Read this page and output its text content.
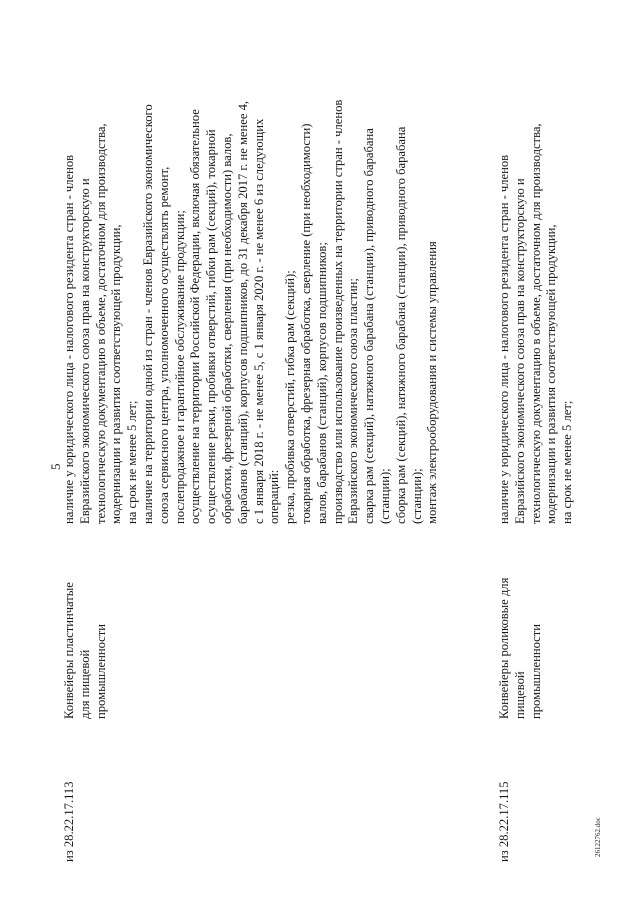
5
из 28.22.17.113
Конвейеры пластинчатые для пищевой промышленности
наличие у юридического лица - налогового резидента стран - членов Евразийского экономического союза прав на конструкторскую и технологическую документацию в объеме, достаточном для производства, модернизации и развития соответствующей продукции, на срок не менее 5 лет; наличие на территории одной из стран - членов Евразийского экономического союза сервисного центра, уполномоченного осуществлять ремонт, послепродажное и гарантийное обслуживание продукции; осуществление на территории Российской Федерации, включая обязательное осуществление резки, пробивки отверстий, гибки рам (секций), токарной обработки, фрезерной обработки, сверления (при необходимости) валов, барабанов (станций), корпусов подшипников, до 31 декабря 2017 г. не менее 4, с 1 января 2018 г. - не менее 5, с 1 января 2020 г. - не менее 6 из следующих операций: резка, пробивка отверстий, гибка рам (секций); токарная обработка, фрезерная обработка, сверление (при необходимости) валов, барабанов (станций), корпусов подшипников; производство или использование произведенных на территории стран - членов Евразийского экономического союза пластин; сварка рам (секций), натяжного барабана (станции), приводного барабана (станции); сборка рам (секций), натяжного барабана (станции), приводного барабана (станции); монтаж электрооборудования и системы управления
из 28.22.17.115
Конвейеры роликовые для пищевой промышленности
наличие у юридического лица - налогового резидента стран - членов Евразийского экономического союза прав на конструкторскую и технологическую документацию в объеме, достаточном для производства, модернизации и развития соответствующей продукции, на срок не менее 5 лет;
26122762.doc
